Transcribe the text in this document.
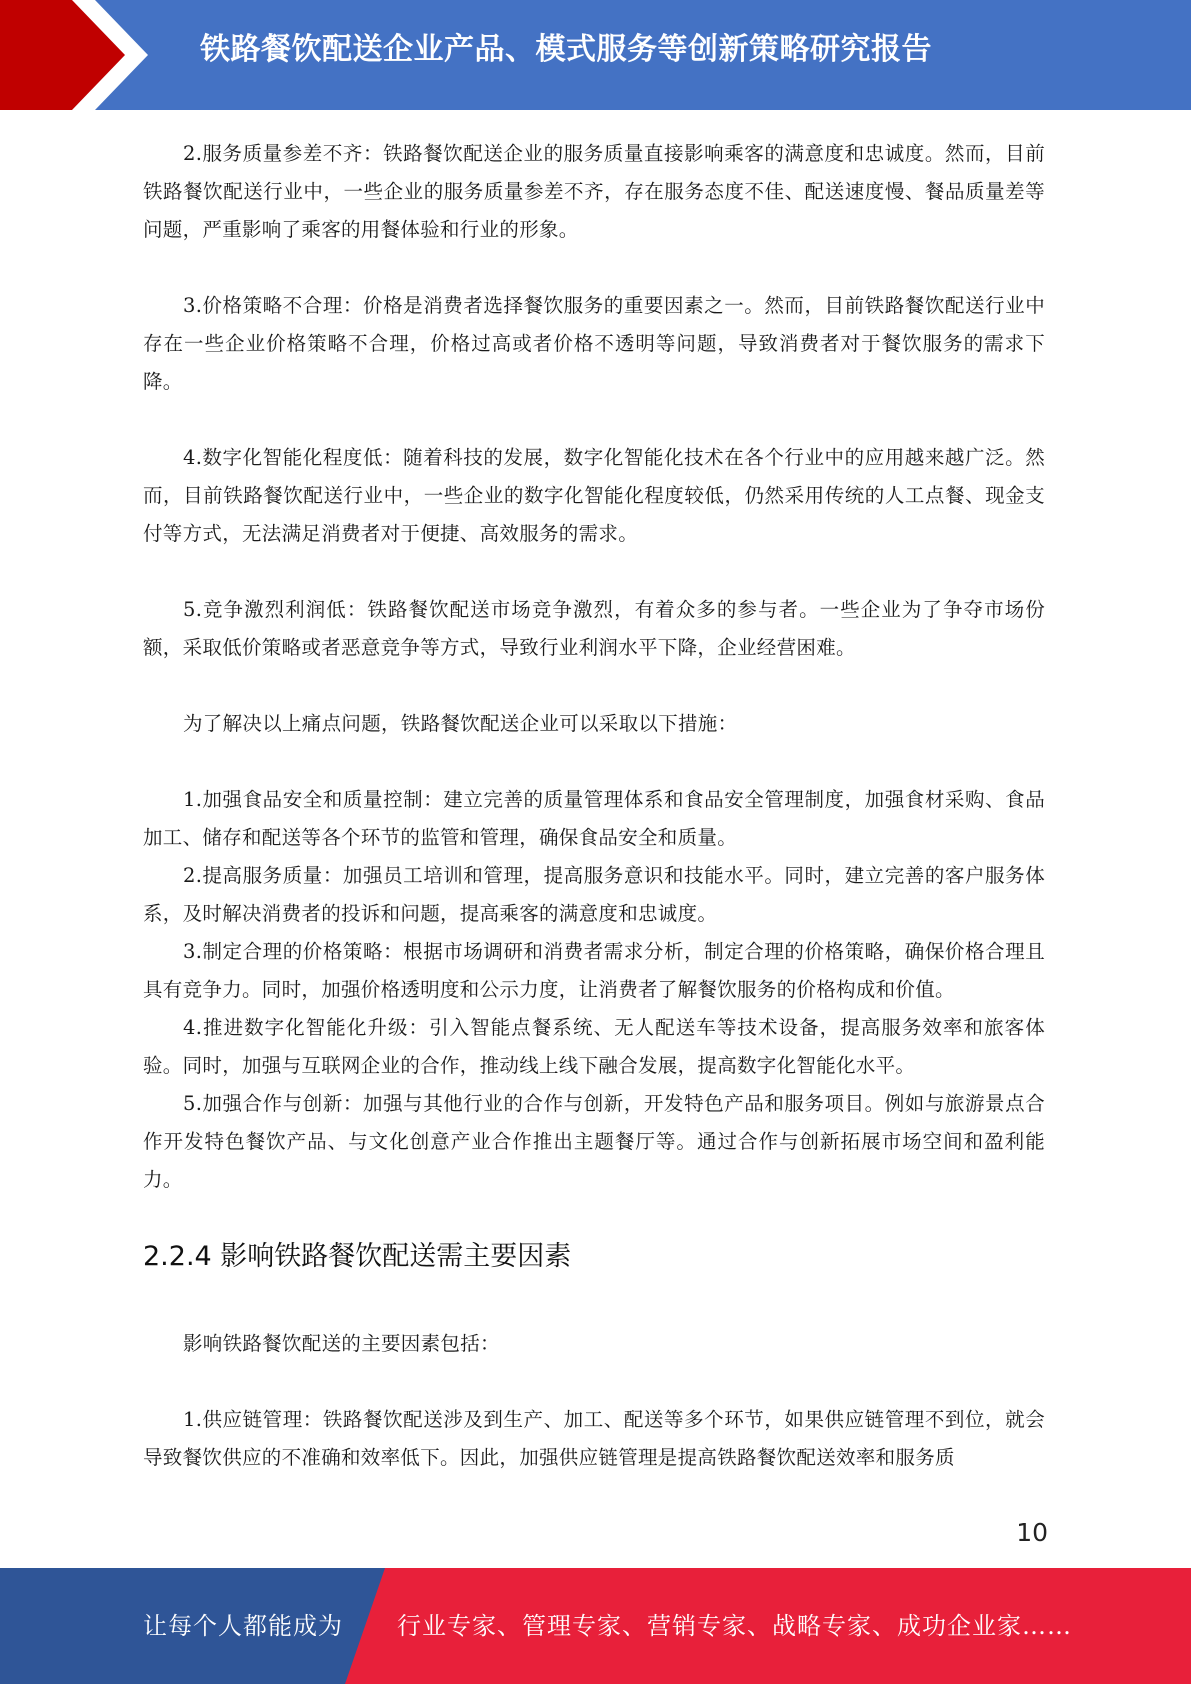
铁路餐饮配送企业产品、模式服务等创新策略研究报告

2.服务质量参差不齐：铁路餐饮配送企业的服务质量直接影响乘客的满意度和忠诚度。然而，目前铁路餐饮配送行业中，一些企业的服务质量参差不齐，存在服务态度不佳、配送速度慢、餐品质量差等问题，严重影响了乘客的用餐体验和行业的形象。

3.价格策略不合理：价格是消费者选择餐饮服务的重要因素之一。然而，目前铁路餐饮配送行业中存在一些企业价格策略不合理，价格过高或者价格不透明等问题，导致消费者对于餐饮服务的需求下降。

4.数字化智能化程度低：随着科技的发展，数字化智能化技术在各个行业中的应用越来越广泛。然而，目前铁路餐饮配送行业中，一些企业的数字化智能化程度较低，仍然采用传统的人工点餐、现金支付等方式，无法满足消费者对于便捷、高效服务的需求。

5.竞争激烈利润低：铁路餐饮配送市场竞争激烈，有着众多的参与者。一些企业为了争夺市场份额，采取低价策略或者恶意竞争等方式，导致行业利润水平下降，企业经营困难。

为了解决以上痛点问题，铁路餐饮配送企业可以采取以下措施：

1.加强食品安全和质量控制：建立完善的质量管理体系和食品安全管理制度，加强食材采购、食品加工、储存和配送等各个环节的监管和管理，确保食品安全和质量。

2.提高服务质量：加强员工培训和管理，提高服务意识和技能水平。同时，建立完善的客户服务体系，及时解决消费者的投诉和问题，提高乘客的满意度和忠诚度。

3.制定合理的价格策略：根据市场调研和消费者需求分析，制定合理的价格策略，确保价格合理且具有竞争力。同时，加强价格透明度和公示力度，让消费者了解餐饮服务的价格构成和价值。

4.推进数字化智能化升级：引入智能点餐系统、无人配送车等技术设备，提高服务效率和旅客体验。同时，加强与互联网企业的合作，推动线上线下融合发展，提高数字化智能化水平。

5.加强合作与创新：加强与其他行业的合作与创新，开发特色产品和服务项目。例如与旅游景点合作开发特色餐饮产品、与文化创意产业合作推出主题餐厅等。通过合作与创新拓展市场空间和盈利能力。

2.2.4 影响铁路餐饮配送需主要因素

影响铁路餐饮配送的主要因素包括：

1.供应链管理：铁路餐饮配送涉及到生产、加工、配送等多个环节，如果供应链管理不到位，就会导致餐饮供应的不准确和效率低下。因此，加强供应链管理是提高铁路餐饮配送效率和服务质

10
让每个人都能成为 行业专家、管理专家、营销专家、战略专家、成功企业家……
